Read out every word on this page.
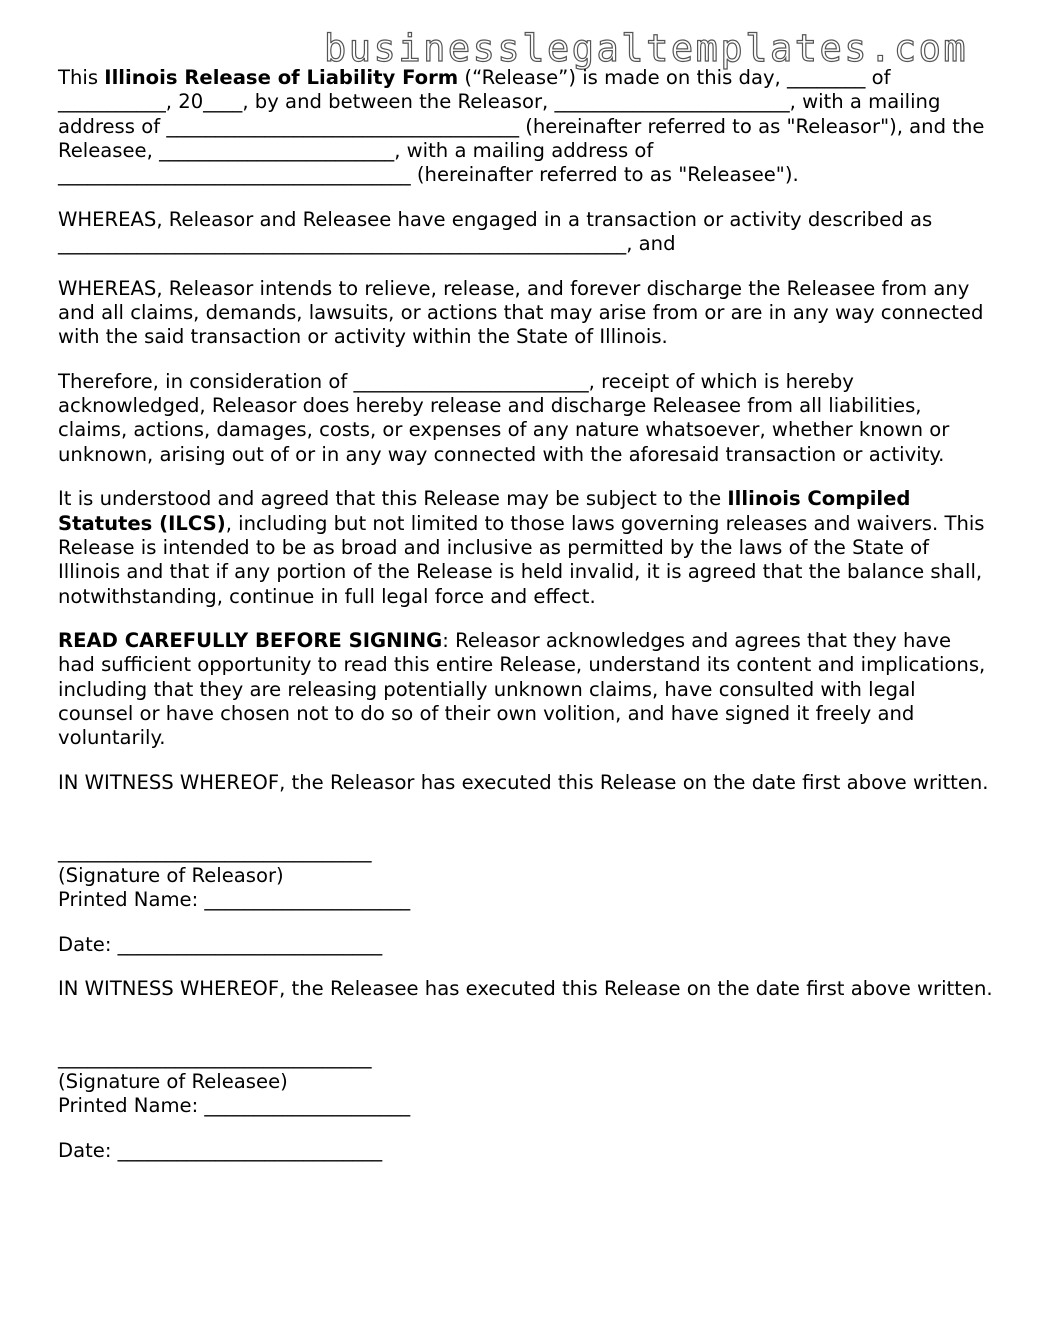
businesslegaltemplates.com

This Illinois Release of Liability Form (“Release”) is made on this day, ________ of ___________, 20____, by and between the Releasor, ________________________, with a mailing address of ____________________________________ (hereinafter referred to as "Releasor"), and the Releasee, ________________________, with a mailing address of ____________________________________ (hereinafter referred to as "Releasee").

WHEREAS, Releasor and Releasee have engaged in a transaction or activity described as __________________________________________________________, and

WHEREAS, Releasor intends to relieve, release, and forever discharge the Releasee from any and all claims, demands, lawsuits, or actions that may arise from or are in any way connected with the said transaction or activity within the State of Illinois.

Therefore, in consideration of ________________________, receipt of which is hereby acknowledged, Releasor does hereby release and discharge Releasee from all liabilities, claims, actions, damages, costs, or expenses of any nature whatsoever, whether known or unknown, arising out of or in any way connected with the aforesaid transaction or activity.

It is understood and agreed that this Release may be subject to the Illinois Compiled Statutes (ILCS), including but not limited to those laws governing releases and waivers. This Release is intended to be as broad and inclusive as permitted by the laws of the State of Illinois and that if any portion of the Release is held invalid, it is agreed that the balance shall, notwithstanding, continue in full legal force and effect.

READ CAREFULLY BEFORE SIGNING: Releasor acknowledges and agrees that they have had sufficient opportunity to read this entire Release, understand its content and implications, including that they are releasing potentially unknown claims, have consulted with legal counsel or have chosen not to do so of their own volition, and have signed it freely and voluntarily.

IN WITNESS WHEREOF, the Releasor has executed this Release on the date first above written.

________________________________
(Signature of Releasor)
Printed Name: _____________________

Date: ___________________________

IN WITNESS WHEREOF, the Releasee has executed this Release on the date first above written.

________________________________
(Signature of Releasee)
Printed Name: _____________________

Date: ___________________________
